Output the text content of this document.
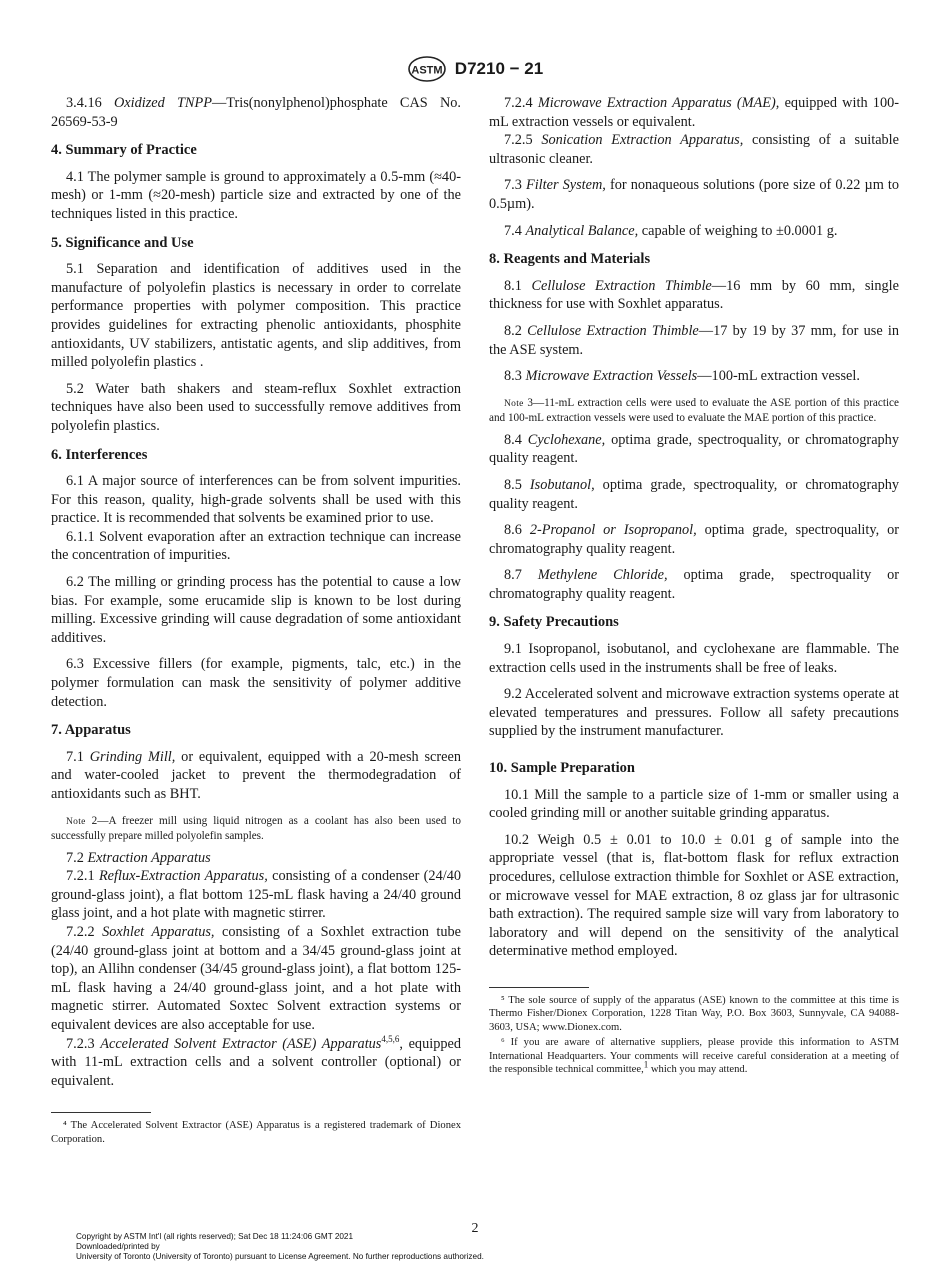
ASTM D7210 − 21

3.4.16 Oxidized TNPP—Tris(nonylphenol)phosphate CAS No. 26569-53-9

4. Summary of Practice

4.1 The polymer sample is ground to approximately a 0.5-mm (≈40-mesh) or 1-mm (≈20-mesh) particle size and extracted by one of the techniques listed in this practice.

5. Significance and Use

5.1 Separation and identification of additives used in the manufacture of polyolefin plastics is necessary in order to correlate performance properties with polymer composition. This practice provides guidelines for extracting phenolic antioxidants, phosphite antioxidants, UV stabilizers, antistatic agents, and slip additives, from milled polyolefin plastics .

5.2 Water bath shakers and steam-reflux Soxhlet extraction techniques have also been used to successfully remove additives from polyolefin plastics.

6. Interferences

6.1 A major source of interferences can be from solvent impurities. For this reason, quality, high-grade solvents shall be used with this practice. It is recommended that solvents be examined prior to use.

6.1.1 Solvent evaporation after an extraction technique can increase the concentration of impurities.

6.2 The milling or grinding process has the potential to cause a low bias. For example, some erucamide slip is known to be lost during milling. Excessive grinding will cause degradation of some antioxidant additives.

6.3 Excessive fillers (for example, pigments, talc, etc.) in the polymer formulation can mask the sensitivity of polymer additive detection.

7. Apparatus

7.1 Grinding Mill, or equivalent, equipped with a 20-mesh screen and water-cooled jacket to prevent the thermodegradation of antioxidants such as BHT.

Note 2—A freezer mill using liquid nitrogen as a coolant has also been used to successfully prepare milled polyolefin samples.

7.2 Extraction Apparatus

7.2.1 Reflux-Extraction Apparatus, consisting of a condenser (24/40 ground-glass joint), a flat bottom 125-mL flask having a 24/40 ground glass joint, and a hot plate with magnetic stirrer.

7.2.2 Soxhlet Apparatus, consisting of a Soxhlet extraction tube (24/40 ground-glass joint at bottom and a 34/45 ground-glass joint at top), an Allihn condenser (34/45 ground-glass joint), a flat bottom 125-mL flask having a 24/40 ground-glass joint, and a hot plate with magnetic stirrer. Automated Soxtec Solvent extraction systems or equivalent devices are also acceptable for use.

7.2.3 Accelerated Solvent Extractor (ASE) Apparatus$^{4,5,6}$, equipped with 11-mL extraction cells and a solvent controller (optional) or equivalent.

⁴ The Accelerated Solvent Extractor (ASE) Apparatus is a registered trademark of Dionex Corporation.

7.2.4 Microwave Extraction Apparatus (MAE), equipped with 100-mL extraction vessels or equivalent.

7.2.5 Sonication Extraction Apparatus, consisting of a suitable ultrasonic cleaner.

7.3 Filter System, for nonaqueous solutions (pore size of 0.22 µm to 0.5µm).

7.4 Analytical Balance, capable of weighing to ±0.0001 g.

8. Reagents and Materials

8.1 Cellulose Extraction Thimble—16 mm by 60 mm, single thickness for use with Soxhlet apparatus.

8.2 Cellulose Extraction Thimble—17 by 19 by 37 mm, for use in the ASE system.

8.3 Microwave Extraction Vessels—100-mL extraction vessel.

Note 3—11-mL extraction cells were used to evaluate the ASE portion of this practice and 100-mL extraction vessels were used to evaluate the MAE portion of this practice.

8.4 Cyclohexane, optima grade, spectroquality, or chromatography quality reagent.

8.5 Isobutanol, optima grade, spectroquality, or chromatography quality reagent.

8.6 2-Propanol or Isopropanol, optima grade, spectroquality, or chromatography quality reagent.

8.7 Methylene Chloride, optima grade, spectroquality or chromatography quality reagent.

9. Safety Precautions

9.1 Isopropanol, isobutanol, and cyclohexane are flammable. The extraction cells used in the instruments shall be free of leaks.

9.2 Accelerated solvent and microwave extraction systems operate at elevated temperatures and pressures. Follow all safety precautions supplied by the instrument manufacturer.

10. Sample Preparation

10.1 Mill the sample to a particle size of 1-mm or smaller using a cooled grinding mill or another suitable grinding apparatus.

10.2 Weigh 0.5 ± 0.01 to 10.0 ± 0.01 g of sample into the appropriate vessel (that is, flat-bottom flask for reflux extraction procedures, cellulose extraction thimble for Soxhlet or ASE extraction, or microwave vessel for MAE extraction, 8 oz glass jar for ultrasonic bath extraction). The required sample size will vary from laboratory to laboratory and will depend on the sensitivity of the analytical determinative method employed.

⁵ The sole source of supply of the apparatus (ASE) known to the committee at this time is Thermo Fisher/Dionex Corporation, 1228 Titan Way, P.O. Box 3603, Sunnyvale, CA 94088-3603, USA; www.Dionex.com.

⁶ If you are aware of alternative suppliers, please provide this information to ASTM International Headquarters. Your comments will receive careful consideration at a meeting of the responsible technical committee,$^1$ which you may attend.

2
Copyright by ASTM Int'l (all rights reserved); Sat Dec 18 11:24:06 GMT 2021
Downloaded/printed by
University of Toronto (University of Toronto) pursuant to License Agreement. No further reproductions authorized.
